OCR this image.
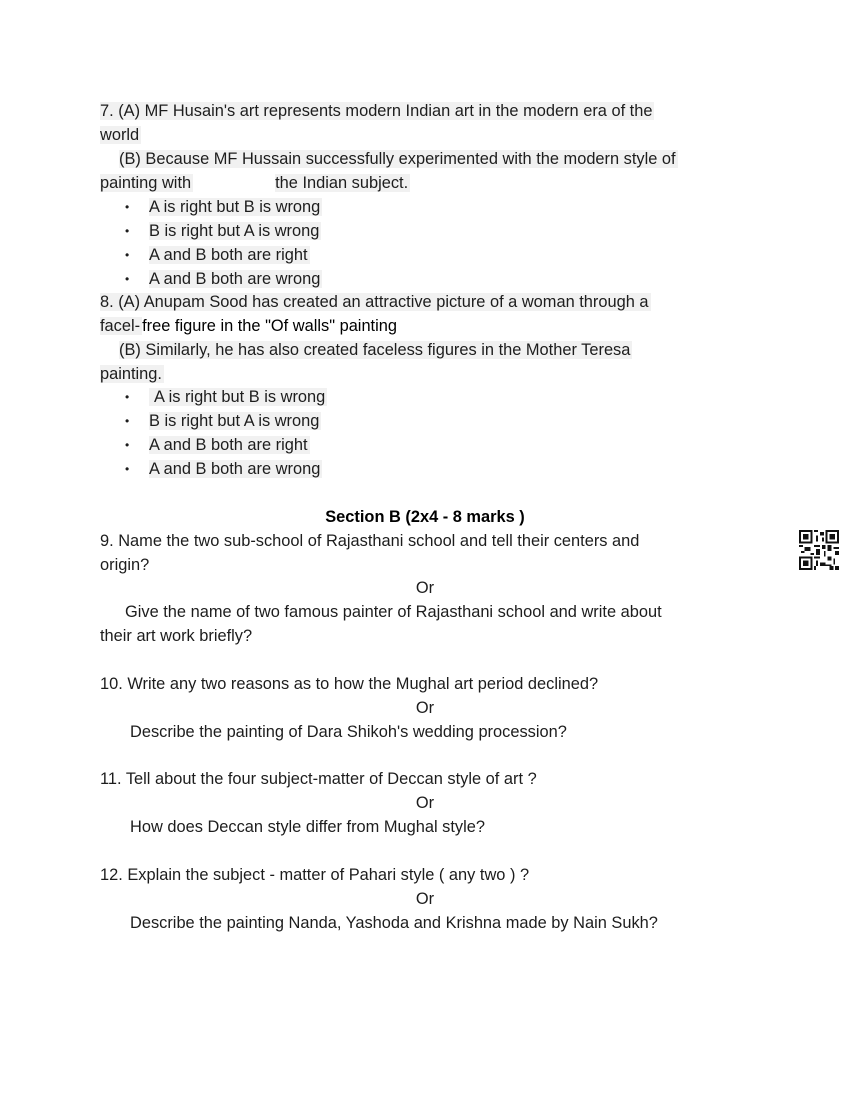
7. (A) MF Husain's art represents modern Indian art in the modern era of the
world
(B) Because MF Hussain successfully experimented with the modern style of
painting with	the Indian subject.
• A is right but B is wrong
• B is right but A is wrong
• A and B both are right
• A and B both are wrong
8. (A) Anupam Sood has created an attractive picture of a woman through a
facel- free figure in the "Of walls" painting
(B) Similarly, he has also created faceless figures in the Mother Teresa
painting.
• A is right but B is wrong
• B is right but A is wrong
• A and B both are right
• A and B both are wrong
Section B (2x4 - 8 marks )
9. Name the two sub-school of Rajasthani school and tell their centers and
origin?
Or
Give the name of two famous painter of Rajasthani school and write about
their art work briefly?
10. Write any two reasons as to how the Mughal art period declined?
Or
Describe the painting of Dara Shikoh's wedding procession?
11. Tell about the four subject-matter of Deccan style of art ?
Or
How does Deccan style differ from Mughal style?
12. Explain the subject - matter of Pahari style ( any two ) ?
Or
Describe the painting Nanda, Yashoda and Krishna made by Nain Sukh?
